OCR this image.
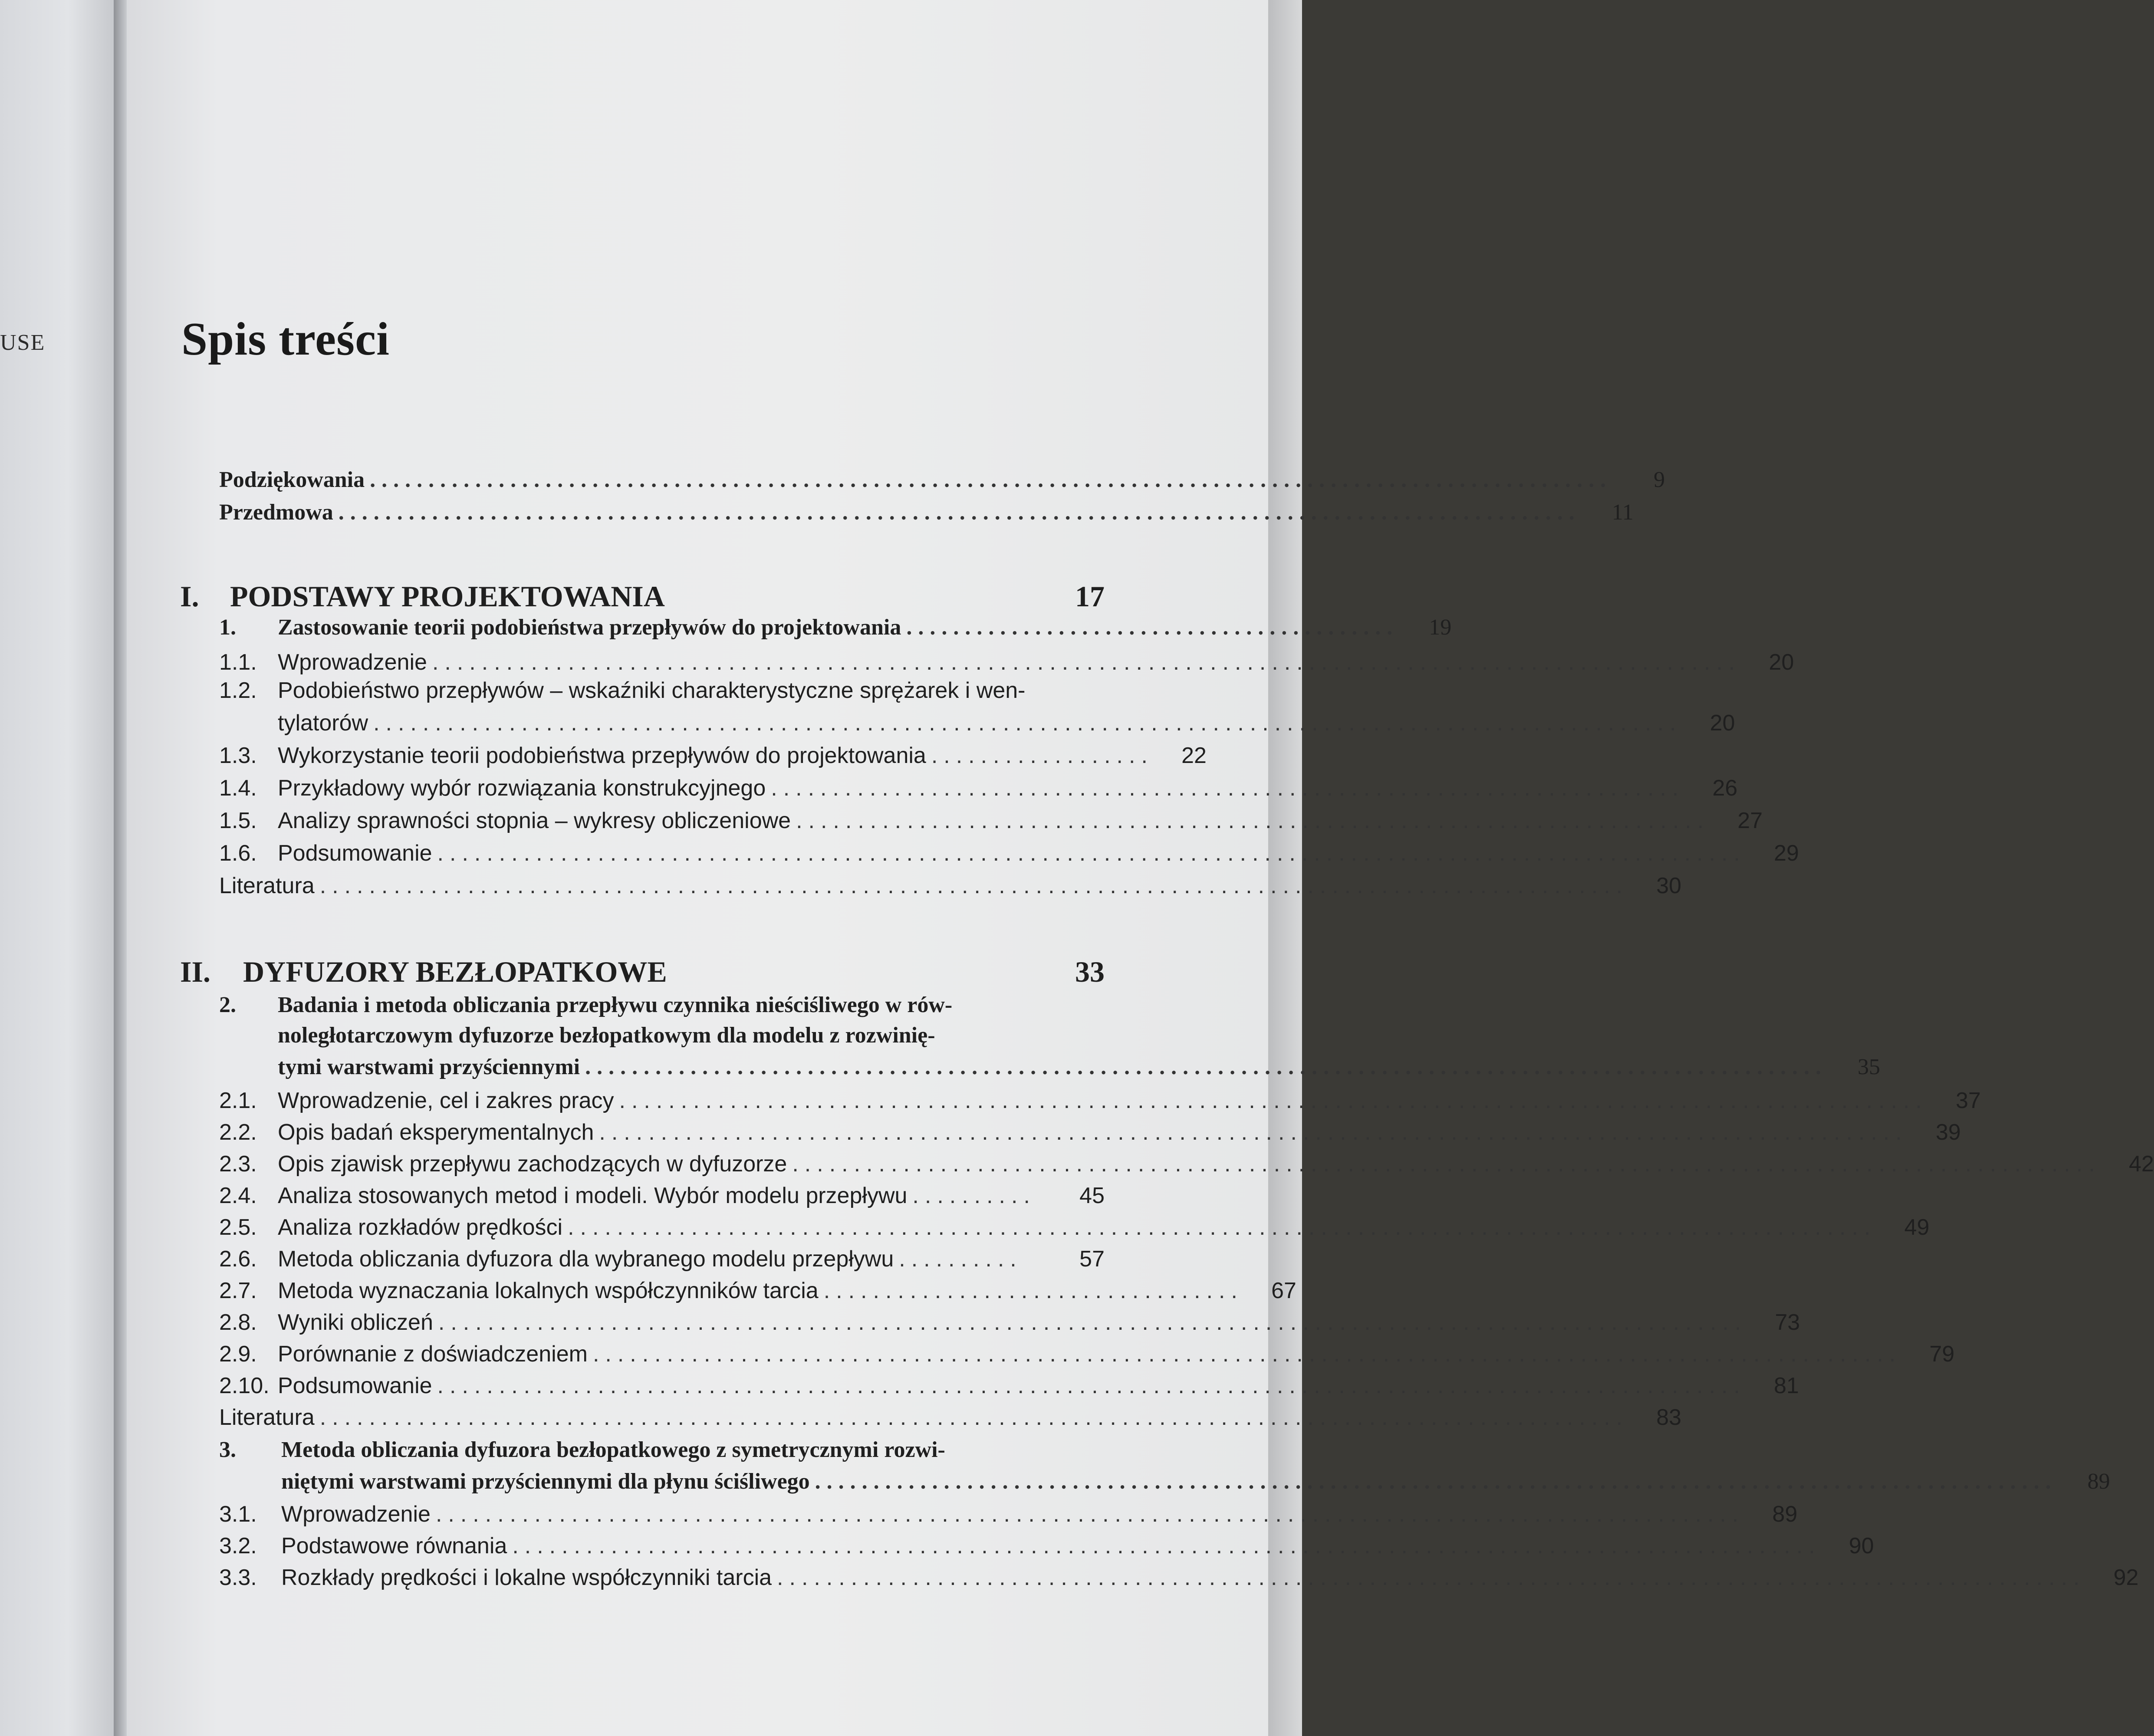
USE	Spis treści
Podziękowania ..........................................................................................................	9
Przedmowa ..........................................................................................................	11
I.	PODSTAWY PROJEKTOWANIA	17
1.	Zastosowanie teorii podobieństwa przepływów do projektowania ..........................................	19
1.1. Wprowadzenie ..........................................................................................................	20
1.2. Podobieństwo przepływów – wskaźniki charakterystyczne sprężarek i wen-
tylatorów ..........................................................................................................	20
1.3. Wykorzystanie teorii podobieństwa przepływów do projektowania ..................	22
1.4. Przykładowy wybór rozwiązania konstrukcyjnego ..........................................................................	26
1.5. Analizy sprawności stopnia – wykresy obliczeniowe ..........................................................................	27
1.6. Podsumowanie ..........................................................................................................	29
Literatura ..........................................................................................................	30
II.	DYFUZORY BEZŁOPATKOWE	33
2. Badania i metoda obliczania przepływu czynnika nieściśliwego w rów-
noległotarczowym dyfuzorze bezłopatkowym dla modelu z rozwinię-
tymi warstwami przyściennymi ..........................................................................................................	35
2.1. Wprowadzenie, cel i zakres pracy ..........................................................................................................	37
2.2. Opis badań eksperymentalnych ..........................................................................................................	39
2.3. Opis zjawisk przepływu zachodzących w dyfuzorze ..........................................................................................................	42
2.4. Analiza stosowanych metod i modeli. Wybór modelu przepływu ..........	45
2.5. Analiza rozkładów prędkości ..........................................................................................................	49
2.6. Metoda obliczania dyfuzora dla wybranego modelu przepływu ..........	57
2.7. Metoda wyznaczania lokalnych współczynników tarcia ..................................	67
2.8. Wyniki obliczeń ..........................................................................................................	73
2.9. Porównanie z doświadczeniem ..........................................................................................................	79
2.10. Podsumowanie ..........................................................................................................	81
Literatura ..........................................................................................................	83
3. Metoda obliczania dyfuzora bezłopatkowego z symetrycznymi rozwi-
niętymi warstwami przyściennymi dla płynu ściśliwego ..........................................................................................................	89
3.1.	Wprowadzenie ..........................................................................................................	89
3.2.	Podstawowe równania ..........................................................................................................	90
3.3.	Rozkłady prędkości i lokalne współczynniki tarcia ..........................................................................................................	92
